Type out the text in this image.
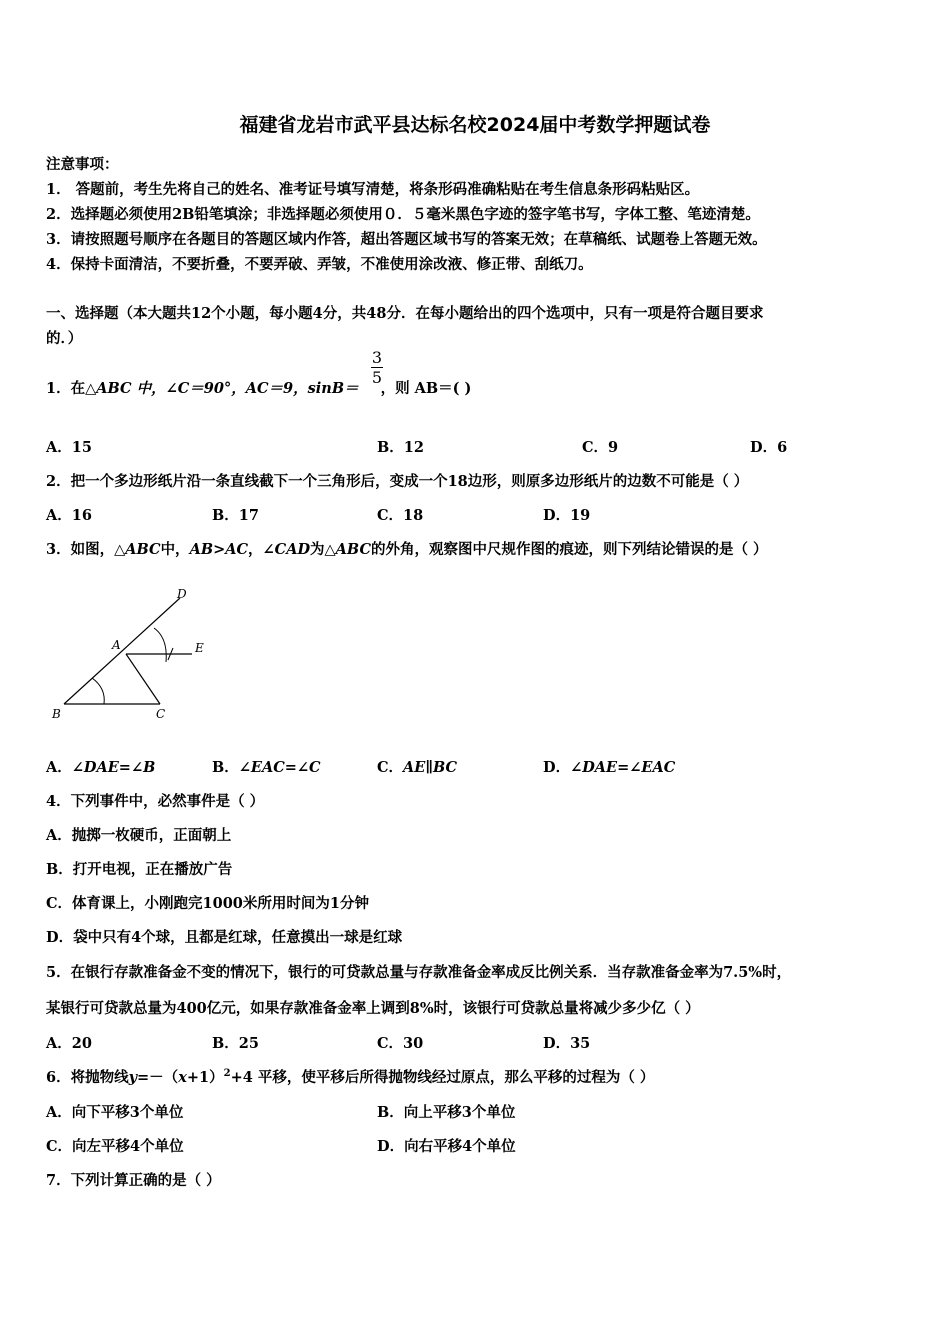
福建省龙岩市武平县达标名校2024届中考数学押题试卷
注意事项：
1． 答题前，考生先将自己的姓名、准考证号填写清楚，将条形码准确粘贴在考生信息条形码粘贴区。
2．选择题必须使用2B铅笔填涂；非选择题必须使用０．５毫米黑色字迹的签字笔书写，字体工整、笔迹清楚。
3．请按照题号顺序在各题目的答题区域内作答，超出答题区域书写的答案无效；在草稿纸、试题卷上答题无效。
4．保持卡面清洁，不要折叠，不要弄破、弄皱，不准使用涂改液、修正带、刮纸刀。
一、选择题（本大题共12个小题，每小题4分，共48分．在每小题给出的四个选项中，只有一项是符合题目要求
的．）
1．在△ABC 中，∠C＝90°，AC＝9，sinB＝ ，则 AB＝( )
3
5
A．15	B．12	C．9	D．6
2．把一个多边形纸片沿一条直线截下一个三角形后，变成一个18边形，则原多边形纸片的边数不可能是（ ）
A．16	B．17	C．18	D．19
3．如图，△ABC中，AB>AC，∠CAD为△ABC的外角，观察图中尺规作图的痕迹，则下列结论错误的是（ ）
D
A	E
B	C
A．∠DAE=∠B	B．∠EAC=∠C	C．AE∥BC	D．∠DAE=∠EAC
4．下列事件中，必然事件是（ ）
A．抛掷一枚硬币，正面朝上
B．打开电视，正在播放广告
C．体育课上，小刚跑完1000米所用时间为1分钟
D．袋中只有4个球，且都是红球，任意摸出一球是红球
5．在银行存款准备金不变的情况下，银行的可贷款总量与存款准备金率成反比例关系．当存款准备金率为7.5%时，
某银行可贷款总量为400亿元，如果存款准备金率上调到8%时，该银行可贷款总量将减少多少亿（ ）
A．20	B．25	C．30	D．35
6．将抛物线$y=-(x+1)^2+4$ 平移，使平移后所得抛物线经过原点，那么平移的过程为（ ）
A．向下平移3个单位	B．向上平移3个单位
C．向左平移4个单位	D．向右平移4个单位
7．下列计算正确的是（ ）
